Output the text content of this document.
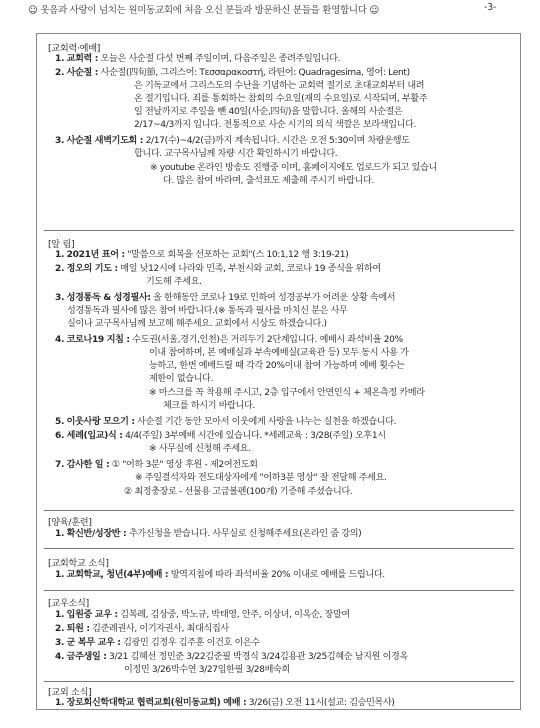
☺ 웃음과 사랑이 넘치는 원미동교회에 처음 오신 분들과 방문하신 분들을 환영합니다 ☺	-3-
[교회력·예배]
1. 교회력 : 오늘은 사순절 다섯 번째 주일이며, 다음주일은 종려주일입니다.
2. 사순절 : 사순절(四旬節, 그리스어: Τεσσαρακοστή, 라틴어: Quadragesima, 영어: Lent)
은 기독교에서 그리스도의 수난을 기념하는 교회력 절기로 초대교회부터 내려
온 절기입니다. 죄를 통회하는 참회의 수요일(재의 수요일)로 시작되며, 부활주
일 전날까지로 주일을 뺀 40일(사순,四旬)을 말합니다. 올해의 사순절은
2/17~4/3까지 입니다. 전통적으로 사순 시기의 의식 색깔은 보라색입니다.
3. 사순절 새벽기도회 : 2/17(수)~4/2(금)까지 계속됩니다. 시간은 오전 5:30이며 차량운행도
합니다. 교구목사님께 차량 시간 확인하시기 바랍니다.
※ youtube 온라인 방송도 진행중 이며, 홈페이지에도 업로드가 되고 있습니
다. 많은 참여 바라며, 출석표도 제출해 주시기 바랍니다.
[알 림]
1. 2021년 표어 : "말씀으로 회복을 선포하는 교회"(스 10:1,12 행 3:19-21)
2. 정오의 기도 : 매일 낮12시에 나라와 민족, 부천시와 교회, 코로나 19 종식을 위하여
기도해 주세요.
3. 성경통독 & 성경필사: 올 한해동안 코로나 19로 인하여 성경공부가 어려운 상황 속에서
성경통독과 필사에 많은 참여 바랍니다.(※ 통독과 필사를 마치신 분은 사무
실이나 교구목사님께 보고해 해주세요. 교회에서 시상도 하겠습니다.)
4. 코로나19 지침 : 수도권(서울,경기,인천)은 거리두기 2단계입니다. 예배시 좌석비율 20%
이내 참여하며, 본 예배실과 부속예배실(교육관 등) 모두 동시 사용 가
능하고, 한번 예배드릴 때 각각 20%이내 참여 가능하며 예배 횟수는
제한이 없습니다.
※ 마스크를 꼭 착용해 주시고, 2층 입구에서 안면인식 + 체온측정 카메라
체크를 하시기 바랍니다.
5. 이웃사랑 모으기 : 사순절 기간 동안 모아서 이웃에게 사랑을 나누는 실천을 하겠습니다.
6. 세례(입교)식 : 4/4(주일) 3부예배 시간에 있습니다. *세례교육 : 3/28(주일) 오후1시
※ 사무실에 신청해 주세요.
7. 감사한 일 : ① "어하 3분" 영상 후원 - 제2여전도회
※ 주일결석자와 전도대상자에게 "어하3분 영상" 잘 전달해 주세요.
② 최정충장로 - 선물용 고급볼펜(100개) 기증해 주셨습니다.
[양육/훈련]
1. 확신반/성장반 : 추가신청을 받습니다. 사무실로 신청해주세요(온라인 줌 강의)
[교회학교 소식]
1. 교회학교, 청년(4부)예배 : 방역지침에 따라 좌석비율 20% 이내로 예배를 드립니다.
[교우소식]
1. 입원중 교우 : 김복례, 김상중, 박노규, 박태영, 안주, 이상녀, 이옥순, 장말여
2. 퇴원 : 김준례권사, 이기자권사, 최대식집사
3. 군 복무 교우 : 김광민 김정우 김주훈 이건호 이은수
4. 금주생일 : 3/21 김혜선 정민준 3/22김준필 박경식 3/24김용관 3/25김혜순 남지원 이경옥
이정민 3/26박수연 3/27임한필 3/28배숙희
[교외 소식]
1. 장로회신학대학교 협력교회(원미동교회) 예배 : 3/26(금) 오전 11시(설교: 김승민목사)
